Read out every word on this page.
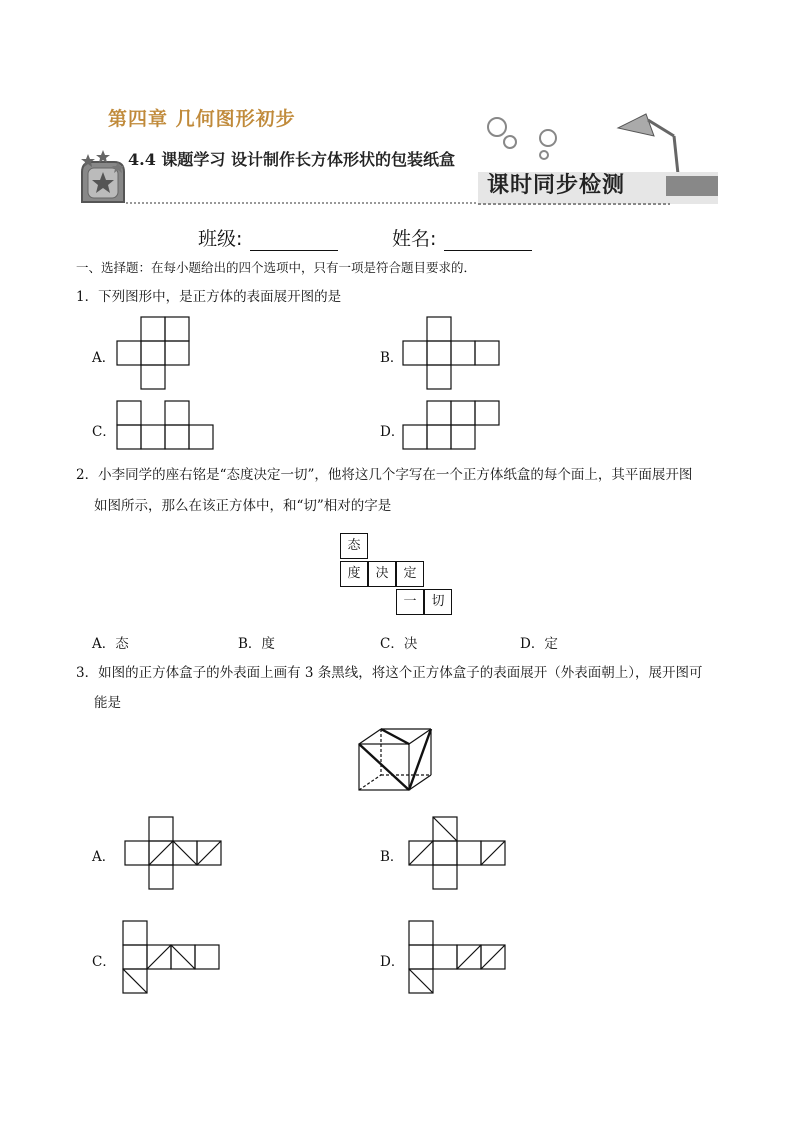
第四章 几何图形初步
4.4 课题学习 设计制作长方体形状的包装纸盒
课时同步检测
班级:	姓名:
一、选择题：在每小题给出的四个选项中，只有一项是符合题目要求的．
1．下列图形中，是正方体的表面展开图的是
A．	B．
C．	D．
2．小李同学的座右铭是“态度决定一切”，他将这几个字写在一个正方体纸盒的每个面上，其平面展开图
如图所示，那么在该正方体中，和“切”相对的字是
态
度	决	定
一	切
A．态	B．度	C．决	D．定
3．如图的正方体盒子的外表面上画有 3 条黑线，将这个正方体盒子的表面展开（外表面朝上），展开图可
能是
A．	B．
C．	D．
